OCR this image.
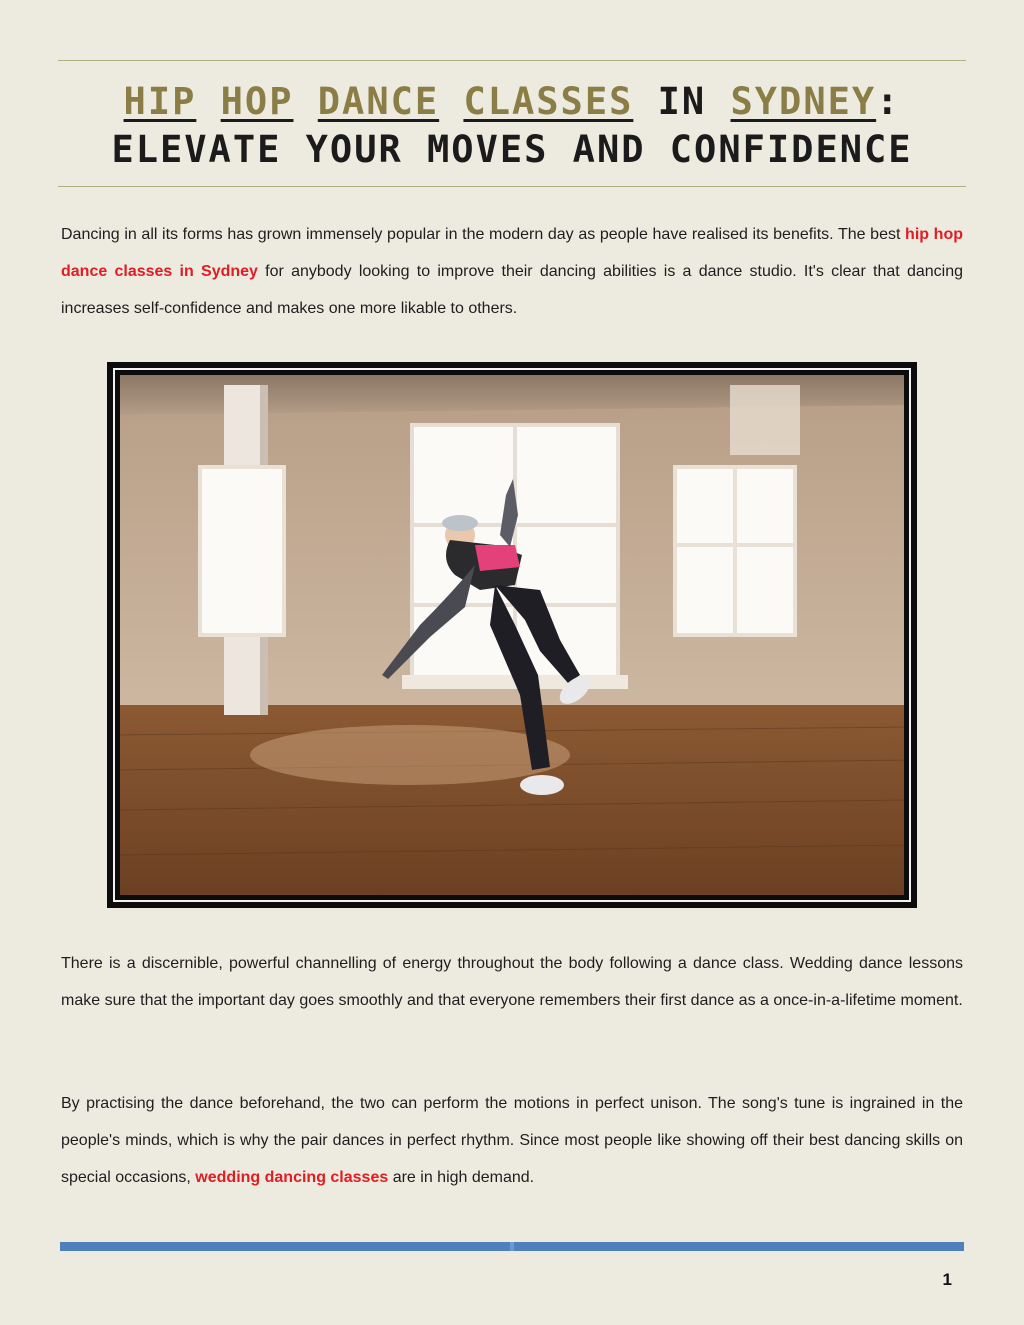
HIP HOP DANCE CLASSES IN SYDNEY:
ELEVATE YOUR MOVES AND CONFIDENCE

Dancing in all its forms has grown immensely popular in the modern day as people have realised its benefits. The best hip hop dance classes in Sydney for anybody looking to improve their dancing abilities is a dance studio. It's clear that dancing increases self-confidence and makes one more likable to others.

There is a discernible, powerful channelling of energy throughout the body following a dance class. Wedding dance lessons make sure that the important day goes smoothly and that everyone remembers their first dance as a once-in-a-lifetime moment.

By practising the dance beforehand, the two can perform the motions in perfect unison. The song's tune is ingrained in the people's minds, which is why the pair dances in perfect rhythm. Since most people like showing off their best dancing skills on special occasions, wedding dancing classes are in high demand.

1
